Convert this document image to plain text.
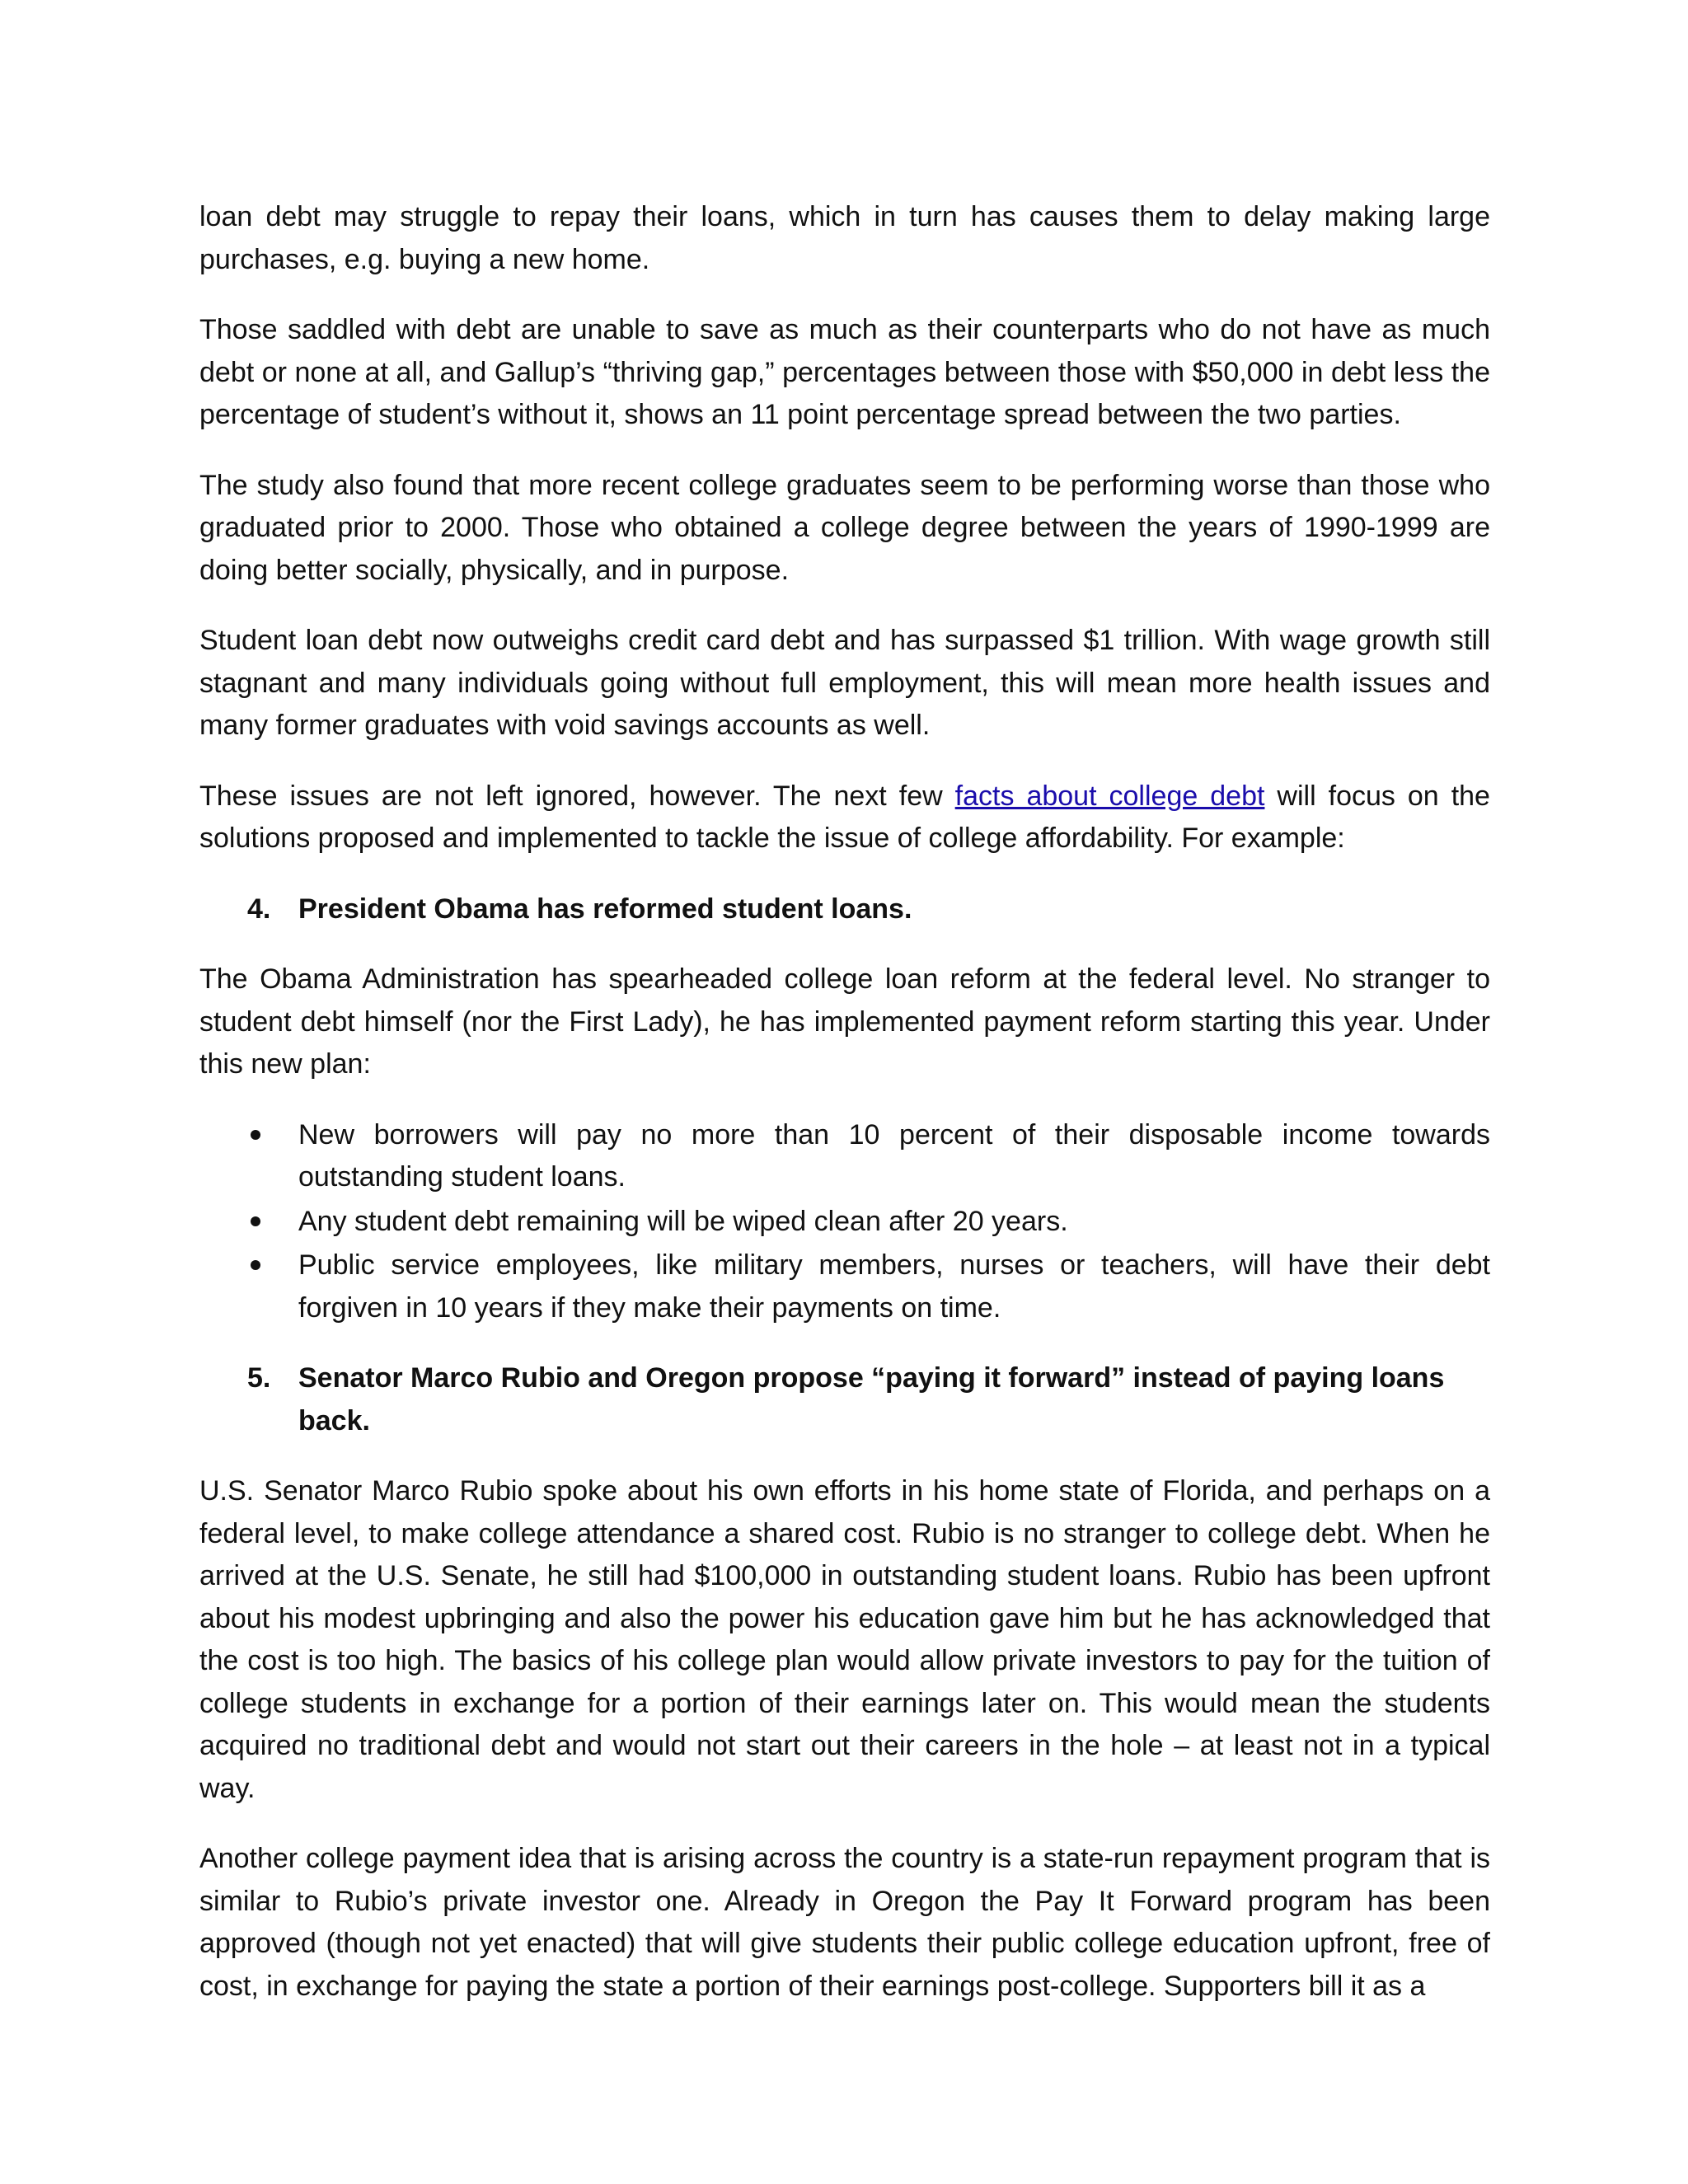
loan debt may struggle to repay their loans, which in turn has causes them to delay making large purchases, e.g. buying a new home.

Those saddled with debt are unable to save as much as their counterparts who do not have as much debt or none at all, and Gallup’s “thriving gap,” percentages between those with $50,000 in debt less the percentage of student’s without it, shows an 11 point percentage spread between the two parties.

The study also found that more recent college graduates seem to be performing worse than those who graduated prior to 2000. Those who obtained a college degree between the years of 1990-1999 are doing better socially, physically, and in purpose.

Student loan debt now outweighs credit card debt and has surpassed $1 trillion. With wage growth still stagnant and many individuals going without full employment, this will mean more health issues and many former graduates with void savings accounts as well.

These issues are not left ignored, however. The next few facts about college debt will focus on the solutions proposed and implemented to tackle the issue of college affordability. For example:

4. President Obama has reformed student loans.

The Obama Administration has spearheaded college loan reform at the federal level. No stranger to student debt himself (nor the First Lady), he has implemented payment reform starting this year. Under this new plan:

New borrowers will pay no more than 10 percent of their disposable income towards outstanding student loans.
Any student debt remaining will be wiped clean after 20 years.
Public service employees, like military members, nurses or teachers, will have their debt forgiven in 10 years if they make their payments on time.
5. Senator Marco Rubio and Oregon propose “paying it forward” instead of paying loans back.

U.S. Senator Marco Rubio spoke about his own efforts in his home state of Florida, and perhaps on a federal level, to make college attendance a shared cost. Rubio is no stranger to college debt. When he arrived at the U.S. Senate, he still had $100,000 in outstanding student loans. Rubio has been upfront about his modest upbringing and also the power his education gave him but he has acknowledged that the cost is too high. The basics of his college plan would allow private investors to pay for the tuition of college students in exchange for a portion of their earnings later on. This would mean the students acquired no traditional debt and would not start out their careers in the hole – at least not in a typical way.

Another college payment idea that is arising across the country is a state-run repayment program that is similar to Rubio’s private investor one. Already in Oregon the Pay It Forward program has been approved (though not yet enacted) that will give students their public college education upfront, free of cost, in exchange for paying the state a portion of their earnings post-college. Supporters bill it as a
